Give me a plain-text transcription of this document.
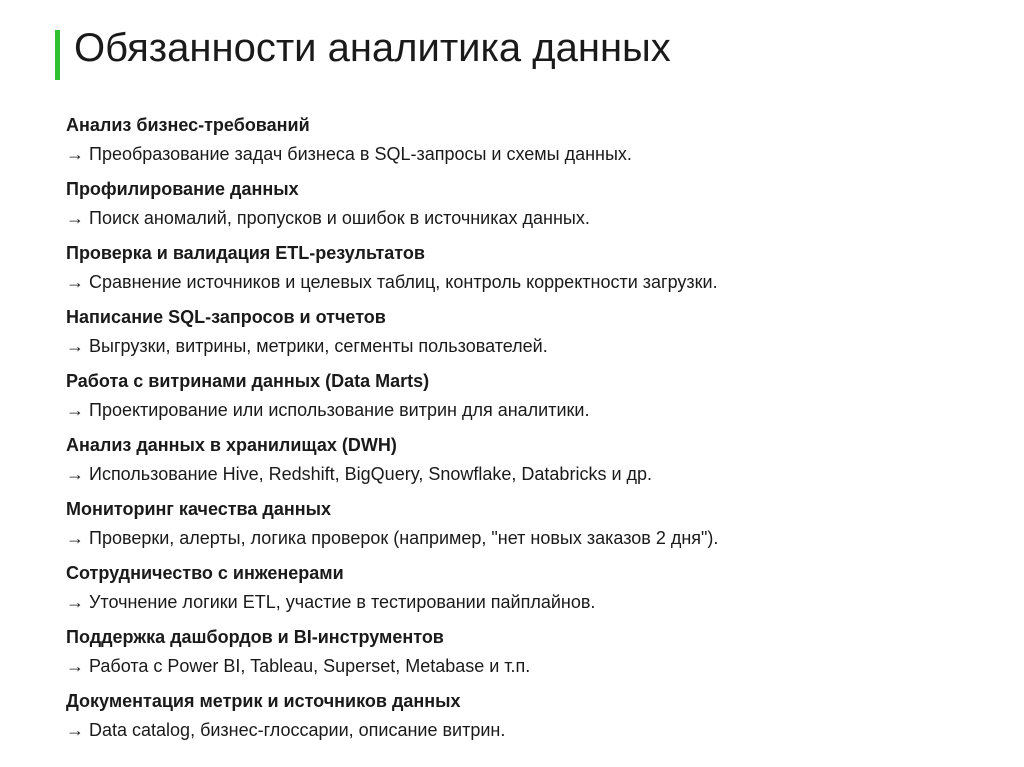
Обязанности аналитика данных
Анализ бизнес-требований
→ Преобразование задач бизнеса в SQL-запросы и схемы данных.
Профилирование данных
→ Поиск аномалий, пропусков и ошибок в источниках данных.
Проверка и валидация ETL-результатов
→ Сравнение источников и целевых таблиц, контроль корректности загрузки.
Написание SQL-запросов и отчетов
→ Выгрузки, витрины, метрики, сегменты пользователей.
Работа с витринами данных (Data Marts)
→ Проектирование или использование витрин для аналитики.
Анализ данных в хранилищах (DWH)
→ Использование Hive, Redshift, BigQuery, Snowflake, Databricks и др.
Мониторинг качества данных
→ Проверки, алерты, логика проверок (например, "нет новых заказов 2 дня").
Сотрудничество с инженерами
→ Уточнение логики ETL, участие в тестировании пайплайнов.
Поддержка дашбордов и BI-инструментов
→ Работа с Power BI, Tableau, Superset, Metabase и т.п.
Документация метрик и источников данных
→ Data catalog, бизнес-глоссарии, описание витрин.
